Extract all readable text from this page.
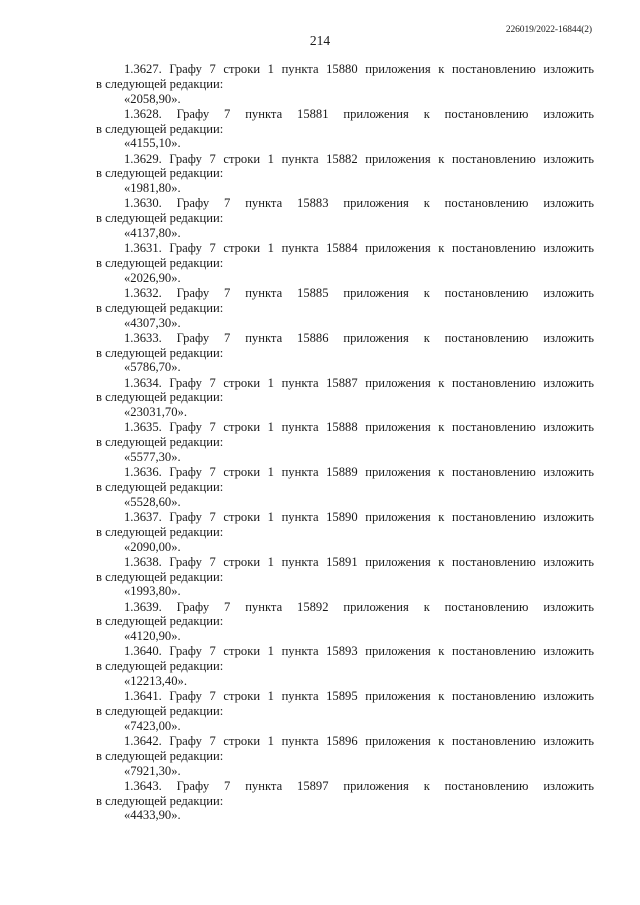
214
226019/2022-16844(2)
1.3627. Графу 7 строки 1 пункта 15880 приложения к постановлению изложить
в следующей редакции:
«2058,90».
1.3628. Графу 7 пункта 15881 приложения к постановлению изложить
в следующей редакции:
«4155,10».
1.3629. Графу 7 строки 1 пункта 15882 приложения к постановлению изложить
в следующей редакции:
«1981,80».
1.3630. Графу 7 пункта 15883 приложения к постановлению изложить
в следующей редакции:
«4137,80».
1.3631. Графу 7 строки 1 пункта 15884 приложения к постановлению изложить
в следующей редакции:
«2026,90».
1.3632. Графу 7 пункта 15885 приложения к постановлению изложить
в следующей редакции:
«4307,30».
1.3633. Графу 7 пункта 15886 приложения к постановлению изложить
в следующей редакции:
«5786,70».
1.3634. Графу 7 строки 1 пункта 15887 приложения к постановлению изложить
в следующей редакции:
«23031,70».
1.3635. Графу 7 строки 1 пункта 15888 приложения к постановлению изложить
в следующей редакции:
«5577,30».
1.3636. Графу 7 строки 1 пункта 15889 приложения к постановлению изложить
в следующей редакции:
«5528,60».
1.3637. Графу 7 строки 1 пункта 15890 приложения к постановлению изложить
в следующей редакции:
«2090,00».
1.3638. Графу 7 строки 1 пункта 15891 приложения к постановлению изложить
в следующей редакции:
«1993,80».
1.3639. Графу 7 пункта 15892 приложения к постановлению изложить
в следующей редакции:
«4120,90».
1.3640. Графу 7 строки 1 пункта 15893 приложения к постановлению изложить
в следующей редакции:
«12213,40».
1.3641. Графу 7 строки 1 пункта 15895 приложения к постановлению изложить
в следующей редакции:
«7423,00».
1.3642. Графу 7 строки 1 пункта 15896 приложения к постановлению изложить
в следующей редакции:
«7921,30».
1.3643. Графу 7 пункта 15897 приложения к постановлению изложить
в следующей редакции:
«4433,90».
